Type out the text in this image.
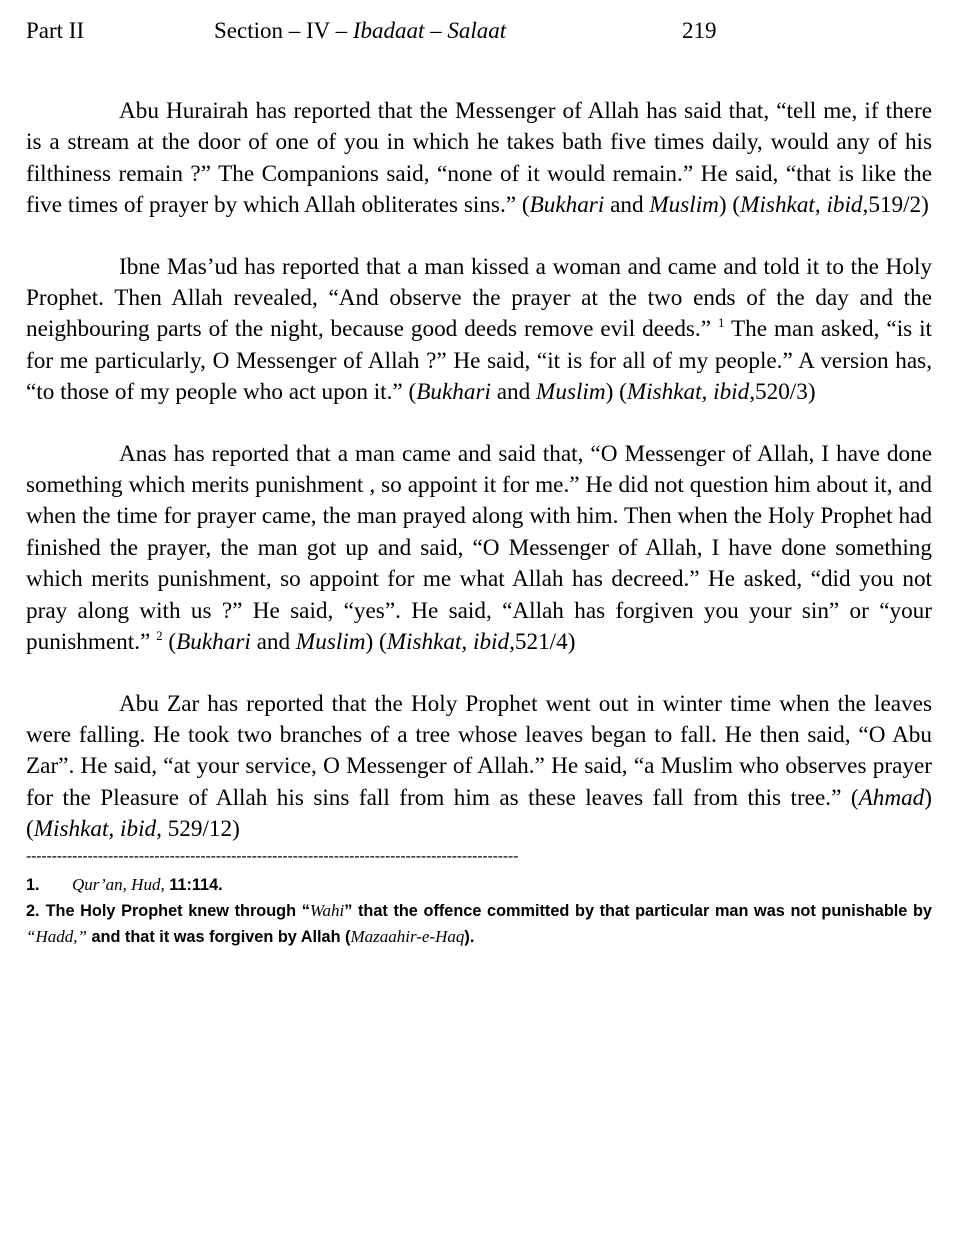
Part II	Section – IV – Ibadaat – Salaat	219

Abu Hurairah has reported that the Messenger of Allah has said that, “tell me, if there is a stream at the door of one of you in which he takes bath five times daily, would any of his filthiness remain ?” The Companions said, “none of it would remain.” He said, “that is like the five times of prayer by which Allah obliterates sins.” (Bukhari and Muslim) (Mishkat, ibid,519/2)

Ibne Mas’ud has reported that a man kissed a woman and came and told it to the Holy Prophet. Then Allah revealed, “And observe the prayer at the two ends of the day and the neighbouring parts of the night, because good deeds remove evil deeds.” $^1$ The man asked, “is it for me particularly, O Messenger of Allah ?” He said, “it is for all of my people.” A version has, “to those of my people who act upon it.” (Bukhari and Muslim) (Mishkat, ibid,520/3)

Anas has reported that a man came and said that, “O Messenger of Allah, I have done something which merits punishment , so appoint it for me.” He did not question him about it, and when the time for prayer came, the man prayed along with him. Then when the Holy Prophet had finished the prayer, the man got up and said, “O Messenger of Allah, I have done something which merits punishment, so appoint for me what Allah has decreed.” He asked, “did you not pray along with us ?” He said, “yes”. He said, “Allah has forgiven you your sin” or “your punishment.” $^2$ (Bukhari and Muslim) (Mishkat, ibid,521/4)

Abu Zar has reported that the Holy Prophet went out in winter time when the leaves were falling. He took two branches of a tree whose leaves began to fall. He then said, “O Abu Zar”. He said, “at your service, O Messenger of Allah.” He said, “a Muslim who observes prayer for the Pleasure of Allah his sins fall from him as these leaves fall from this tree.” (Ahmad) (Mishkat, ibid, 529/12)

------------------------------------------------------------------------------------------------

1. Qur’an, Hud, 11:114.

2. The Holy Prophet knew through “Wahi” that the offence committed by that particular man was not punishable by “Hadd,” and that it was forgiven by Allah (Mazaahir-e-Haq).
